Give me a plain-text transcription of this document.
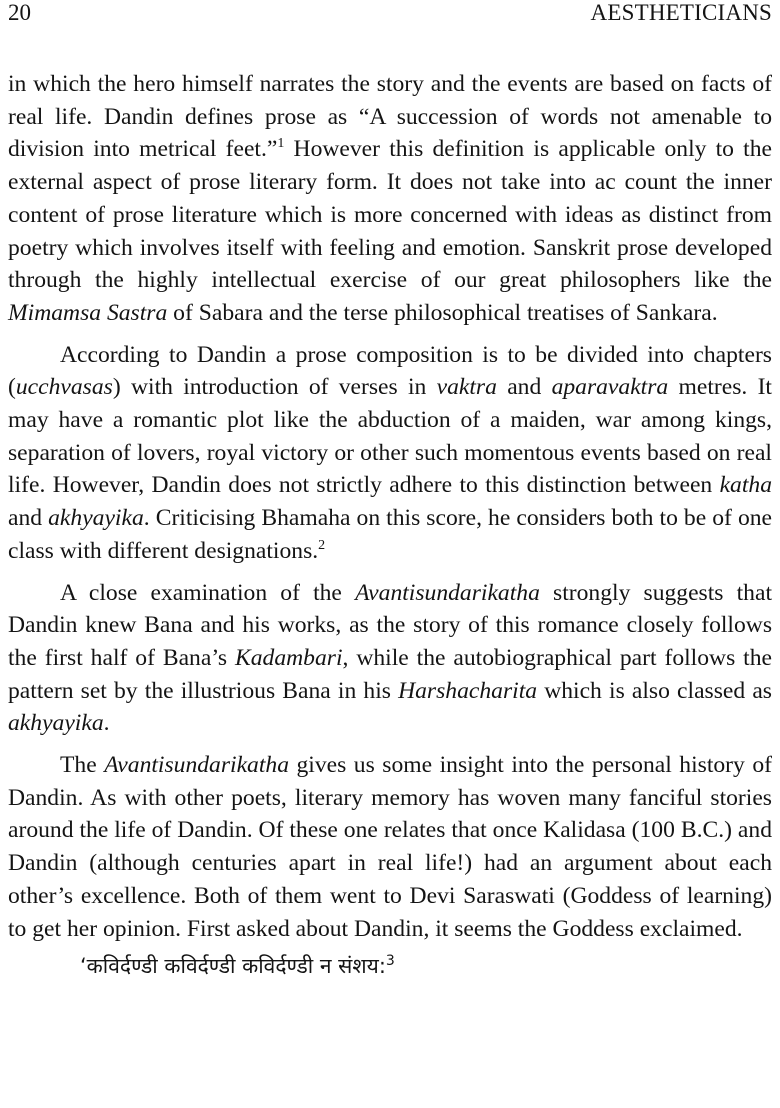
20	AESTHETICIANS

in which the hero himself narrates the story and the events are based on facts of real life. Dandin defines prose as “A succession of words not amenable to division into metrical feet.”$^1$ However this definition is applicable only to the external aspect of prose literary form. It does not take into ac count the inner content of prose literature which is more concerned with ideas as distinct from poetry which involves itself with feeling and emotion. Sanskrit prose developed through the highly intellectual exercise of our great philosophers like the Mimamsa Sastra of Sabara and the terse philosophical treatises of Sankara.

According to Dandin a prose composition is to be divided into chapters (ucchvasas) with introduction of verses in vaktra and aparavaktra metres. It may have a romantic plot like the abduction of a maiden, war among kings, separation of lovers, royal victory or other such momentous events based on real life. However, Dandin does not strictly adhere to this distinction between katha and akhyayika. Criticising Bhamaha on this score, he considers both to be of one class with different designations.$^2$

A close examination of the Avantisundarikatha strongly suggests that Dandin knew Bana and his works, as the story of this romance closely follows the first half of Bana’s Kadambari, while the autobiographical part follows the pattern set by the illustrious Bana in his Harshacharita which is also classed as akhyayika.

The Avantisundarikatha gives us some insight into the personal history of Dandin. As with other poets, literary memory has woven many fanciful stories around the life of Dandin. Of these one relates that once Kalidasa (100 B.C.) and Dandin (although centuries apart in real life!) had an argument about each other’s excellence. Both of them went to Devi Saraswati (Goddess of learning) to get her opinion. First asked about Dandin, it seems the Goddess exclaimed.

‘कविर्दण्डी कविर्दण्डी कविर्दण्डी न संशय:$^3$
